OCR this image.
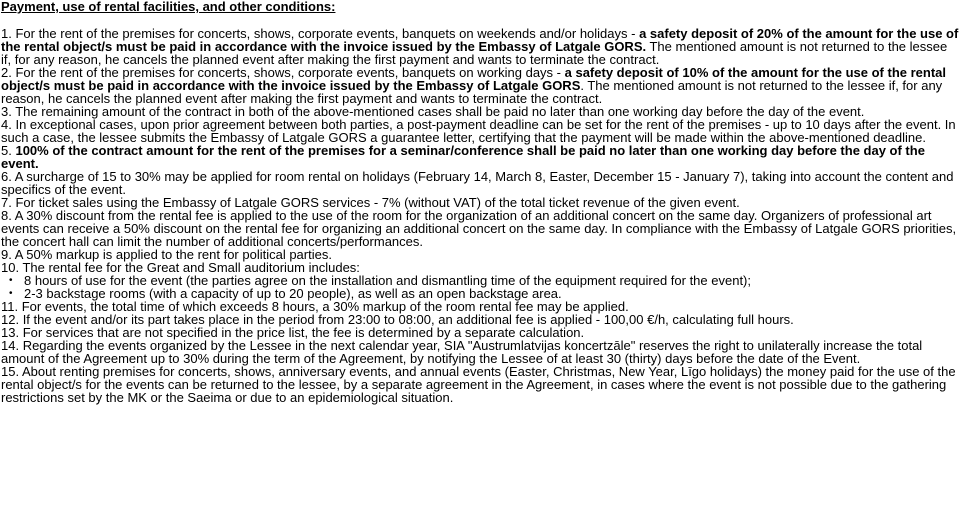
Payment, use of rental facilities, and other conditions:
1. For the rent of the premises for concerts, shows, corporate events, banquets on weekends and/or holidays - a safety deposit of 20% of the amount for the use of the rental object/s must be paid in accordance with the invoice issued by the Embassy of Latgale GORS. The mentioned amount is not returned to the lessee if, for any reason, he cancels the planned event after making the first payment and wants to terminate the contract.
2. For the rent of the premises for concerts, shows, corporate events, banquets on working days - a safety deposit of 10% of the amount for the use of the rental object/s must be paid in accordance with the invoice issued by the Embassy of Latgale GORS. The mentioned amount is not returned to the lessee if, for any reason, he cancels the planned event after making the first payment and wants to terminate the contract.
3. The remaining amount of the contract in both of the above-mentioned cases shall be paid no later than one working day before the day of the event.
4. In exceptional cases, upon prior agreement between both parties, a post-payment deadline can be set for the rent of the premises - up to 10 days after the event. In such a case, the lessee submits the Embassy of Latgale GORS a guarantee letter, certifying that the payment will be made within the above-mentioned deadline.
5. 100% of the contract amount for the rent of the premises for a seminar/conference shall be paid no later than one working day before the day of the event.
6. A surcharge of 15 to 30% may be applied for room rental on holidays (February 14, March 8, Easter, December 15 - January 7), taking into account the content and specifics of the event.
7. For ticket sales using the Embassy of Latgale GORS services - 7% (without VAT) of the total ticket revenue of the given event.
8. A 30% discount from the rental fee is applied to the use of the room for the organization of an additional concert on the same day. Organizers of professional art events can receive a 50% discount on the rental fee for organizing an additional concert on the same day. In compliance with the Embassy of Latgale GORS priorities, the concert hall can limit the number of additional concerts/performances.
9. A 50% markup is applied to the rent for political parties.
10. The rental fee for the Great and Small auditorium includes:
• 8 hours of use for the event (the parties agree on the installation and dismantling time of the equipment required for the event);
• 2-3 backstage rooms (with a capacity of up to 20 people), as well as an open backstage area.
11. For events, the total time of which exceeds 8 hours, a 30% markup of the room rental fee may be applied.
12. If the event and/or its part takes place in the period from 23:00 to 08:00, an additional fee is applied - 100,00 €/h, calculating full hours.
13. For services that are not specified in the price list, the fee is determined by a separate calculation.
14. Regarding the events organized by the Lessee in the next calendar year, SIA "Austrumlatvijas koncertzāle" reserves the right to unilaterally increase the total amount of the Agreement up to 30% during the term of the Agreement, by notifying the Lessee of at least 30 (thirty) days before the date of the Event.
15. About renting premises for concerts, shows, anniversary events, and annual events (Easter, Christmas, New Year, Līgo holidays) the money paid for the use of the rental object/s for the events can be returned to the lessee, by a separate agreement in the Agreement, in cases where the event is not possible due to the gathering restrictions set by the MK or the Saeima or due to an epidemiological situation.
